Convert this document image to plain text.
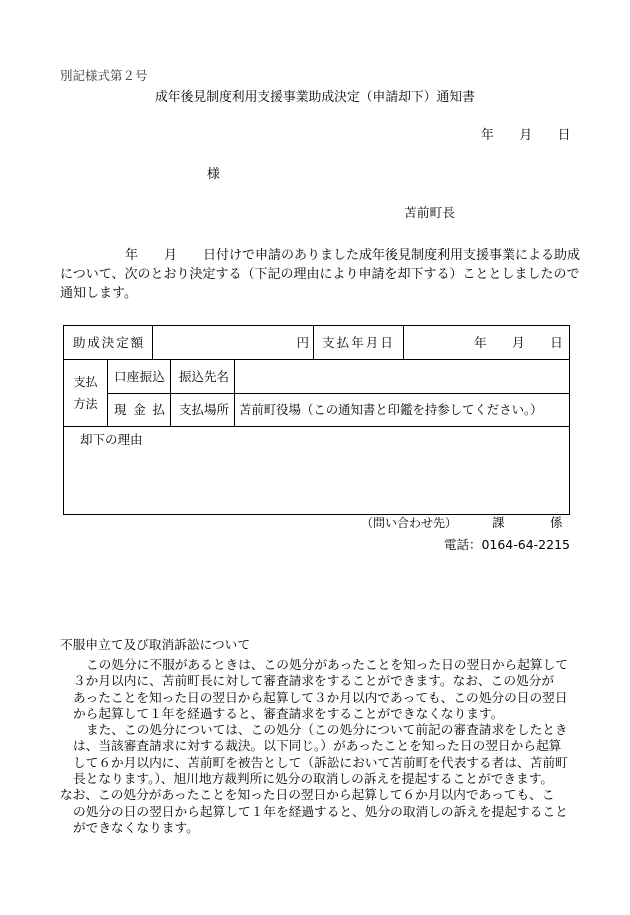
別記様式第２号
成年後見制度利用支援事業助成決定（申請却下）通知書
年　　月　　日
様
苫前町長
年　　月　　日付けで申請のありました成年後見制度利用支援事業による助成
について、次のとおり決定する（下記の理由により申請を却下する）こととしましたので
通知します。
助成決定額	円 支払年月日	年　　月　　日
支払
方法
口座振込 振込先名
現金払 支払場所 苫前町役場（この通知書と印鑑を持参してください。）
却下の理由
（問い合わせ先）	課	係
電話：0164-64-2215
不服申立て及び取消訴訟について
この処分に不服があるときは、この処分があったことを知った日の翌日から起算して
３か月以内に、苫前町長に対して審査請求をすることができます。なお、この処分が
あったことを知った日の翌日から起算して３か月以内であっても、この処分の日の翌日
から起算して１年を経過すると、審査請求をすることができなくなります。
また、この処分については、この処分（この処分について前記の審査請求をしたとき
は、当該審査請求に対する裁決。以下同じ。）があったことを知った日の翌日から起算
して６か月以内に、苫前町を被告として（訴訟において苫前町を代表する者は、苫前町
長となります。）、旭川地方裁判所に処分の取消しの訴えを提起することができます。
なお、この処分があったことを知った日の翌日から起算して６か月以内であっても、こ
の処分の日の翌日から起算して１年を経過すると、処分の取消しの訴えを提起すること
ができなくなります。
